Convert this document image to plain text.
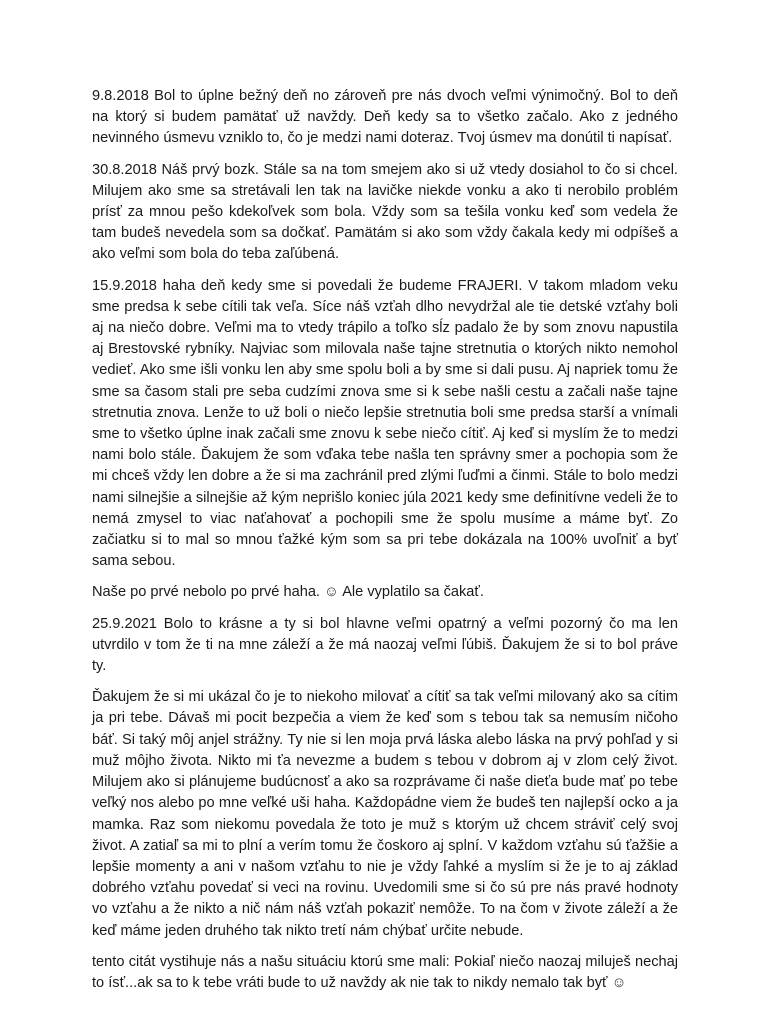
9.8.2018 Bol to úplne bežný deň no zároveň pre nás dvoch veľmi výnimočný. Bol to deň na ktorý si budem pamätať už navždy. Deň kedy sa to všetko začalo. Ako z jedného nevinného úsmevu vzniklo to, čo je medzi nami doteraz. Tvoj úsmev ma donútil ti napísať.

30.8.2018 Náš prvý bozk. Stále sa na tom smejem ako si už vtedy dosiahol to čo si chcel. Milujem ako sme sa stretávali len tak na lavičke niekde vonku a ako ti nerobilo problém prísť za mnou pešo kdekoľvek som bola. Vždy som sa tešila vonku keď som vedela že tam budeš nevedela som sa dočkať. Pamätám si ako som vždy čakala kedy mi odpíšeš a ako veľmi som bola do teba zaľúbená.

15.9.2018 haha deň kedy sme si povedali že budeme FRAJERI. V takom mladom veku sme predsa k sebe cítili tak veľa. Síce náš vzťah dlho nevydržal ale tie detské vzťahy boli aj na niečo dobre. Veľmi ma to vtedy trápilo a toľko sĺz padalo že by som znovu napustila aj Brestovské rybníky. Najviac som milovala naše tajne stretnutia o ktorých nikto nemohol vedieť. Ako sme išli vonku len aby sme spolu boli a by sme si dali pusu. Aj napriek tomu že sme sa časom stali pre seba cudzími znova sme si k sebe našli cestu a začali naše tajne stretnutia znova. Lenže to už boli o niečo lepšie stretnutia boli sme predsa starší a vnímali sme to všetko úplne inak začali sme znovu k sebe niečo cítiť. Aj keď si myslím že to medzi nami bolo stále. Ďakujem že som vďaka tebe našla ten správny smer a pochopia som že mi chceš vždy len dobre a že si ma zachránil pred zlými ľuďmi a činmi. Stále to bolo medzi nami silnejšie a silnejšie až kým neprišlo koniec júla 2021 kedy sme definitívne vedeli že to nemá zmysel to viac naťahovať a pochopili sme že spolu musíme a máme byť. Zo začiatku si to mal so mnou ťažké kým som sa pri tebe dokázala na 100% uvoľniť a byť sama sebou.

Naše po prvé nebolo po prvé haha. ☺ Ale vyplatilo sa čakať.

25.9.2021 Bolo to krásne a ty si bol hlavne veľmi opatrný a veľmi pozorný čo ma len utvrdilo v tom že ti na mne záleží a že má naozaj veľmi ľúbiš. Ďakujem že si to bol práve ty.

Ďakujem že si mi ukázal čo je to niekoho milovať a cítiť sa tak veľmi milovaný ako sa cítim ja pri tebe. Dávaš mi pocit bezpečia a viem že keď som s tebou tak sa nemusím ničoho báť. Si taký môj anjel strážny. Ty nie si len moja prvá láska alebo láska na prvý pohľad y si muž môjho života. Nikto mi ťa nevezme a budem s tebou v dobrom aj v zlom celý život. Milujem ako si plánujeme budúcnosť a ako sa rozprávame či naše dieťa bude mať po tebe veľký nos alebo po mne veľké uši haha. Každopádne viem že budeš ten najlepší ocko a ja mamka. Raz som niekomu povedala že toto je muž s ktorým už chcem stráviť celý svoj život. A zatiaľ sa mi to plní a verím tomu že čoskoro aj splní. V každom vzťahu sú ťažšie a lepšie momenty a ani v našom vzťahu to nie je vždy ľahké a myslím si že je to aj základ dobrého vzťahu povedať si veci na rovinu. Uvedomili sme si čo sú pre nás pravé hodnoty vo vzťahu a že nikto a nič nám náš vzťah pokaziť nemôže. To na čom v živote záleží a že keď máme jeden druhého tak nikto tretí nám chýbať určite nebude.

tento citát vystihuje nás a našu situáciu ktorú sme mali: Pokiaľ niečo naozaj miluješ nechaj to ísť...ak sa to k tebe vráti bude to už navždy ak nie tak to nikdy nemalo tak byť ☺
